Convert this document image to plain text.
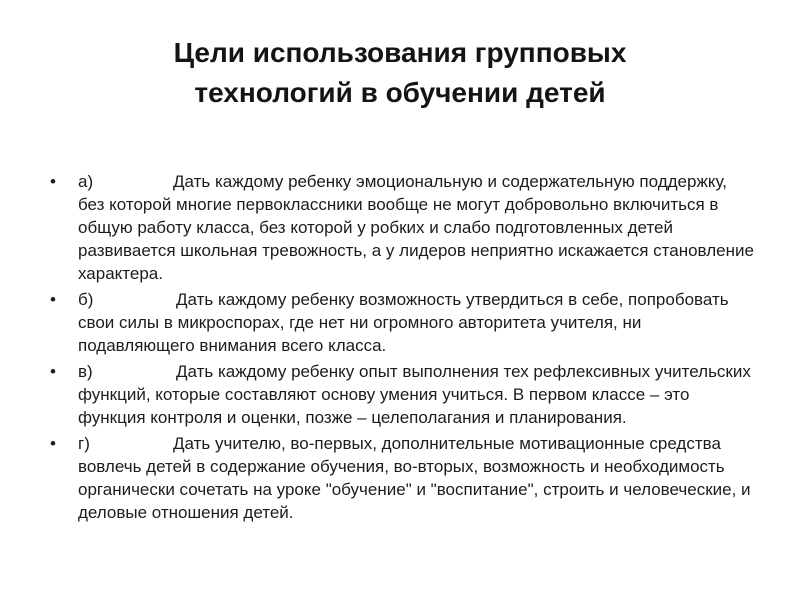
Цели использования групповых
технологий в обучении детей
• а)	Дать каждому ребенку эмоциональную и содержательную поддержку, без которой многие первоклассники вообще не могут добровольно включиться в общую работу класса, без которой у робких и слабо подготовленных детей развивается школьная тревожность, а у лидеров неприятно искажается становление характера.
• б)	Дать каждому ребенку возможность утвердиться в себе, попробовать свои силы в микроспорах, где нет ни огромного авторитета учителя, ни подавляющего внимания всего класса.
• в)	Дать каждому ребенку опыт выполнения тех рефлексивных учительских функций, которые составляют основу умения учиться. В первом классе – это функция контроля и оценки, позже – целеполагания и планирования.
• г)	Дать учителю, во-первых, дополнительные мотивационные средства вовлечь детей в содержание обучения, во-вторых, возможность и необходимость органически сочетать на уроке "обучение" и "воспитание", строить и человеческие, и деловые отношения детей.
